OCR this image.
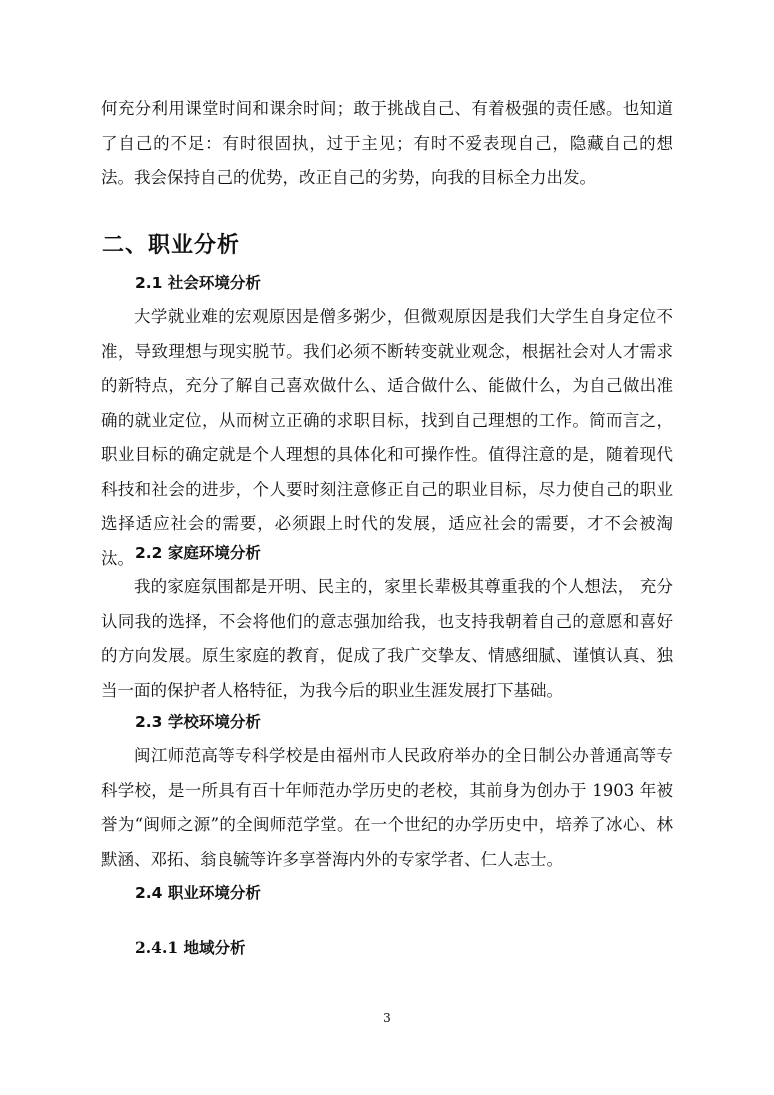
何充分利用课堂时间和课余时间；敢于挑战自己、有着极强的责任感。也知道了自己的不足：有时很固执，过于主见；有时不爱表现自己，隐藏自己的想法。我会保持自己的优势，改正自己的劣势，向我的目标全力出发。

二、职业分析
2.1 社会环境分析

大学就业难的宏观原因是僧多粥少，但微观原因是我们大学生自身定位不准，导致理想与现实脱节。我们必须不断转变就业观念，根据社会对人才需求的新特点，充分了解自己喜欢做什么、适合做什么、能做什么，为自己做出准确的就业定位，从而树立正确的求职目标，找到自己理想的工作。简而言之，职业目标的确定就是个人理想的具体化和可操作性。值得注意的是，随着现代科技和社会的进步，个人要时刻注意修正自己的职业目标，尽力使自己的职业选择适应社会的需要，必须跟上时代的发展，适应社会的需要，才不会被淘汰。 2.2 家庭环境分析

我的家庭氛围都是开明、民主的，家里长辈极其尊重我的个人想法， 充分认同我的选择，不会将他们的意志强加给我，也支持我朝着自己的意愿和喜好的方向发展。原生家庭的教育，促成了我广交挚友、情感细腻、谨慎认真、独当一面的保护者人格特征，为我今后的职业生涯发展打下基础。

2.3 学校环境分析

闽江师范高等专科学校是由福州市人民政府举办的全日制公办普通高等专科学校，是一所具有百十年师范办学历史的老校，其前身为创办于 1903 年被誉为“闽师之源”的全闽师范学堂。在一个世纪的办学历史中，培养了冰心、林默涵、邓拓、翁良毓等许多享誉海内外的专家学者、仁人志士。

2.4 职业环境分析
2.4.1 地域分析
3
